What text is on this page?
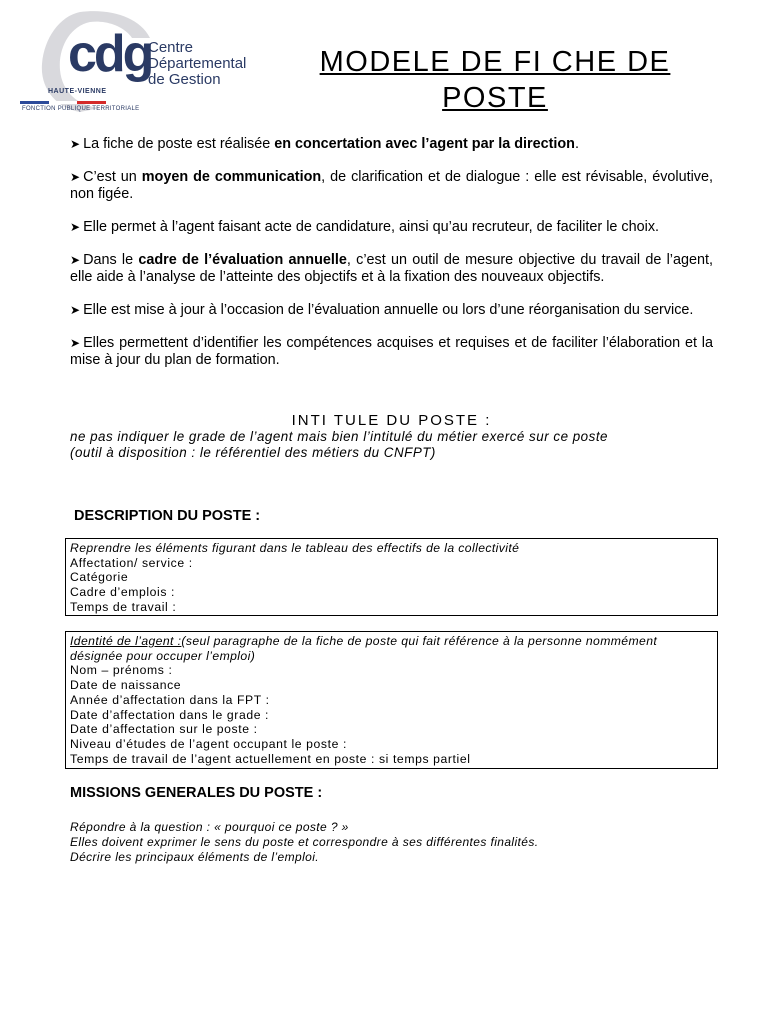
cdg
Centre
Départemental
de Gestion
HAUTE-VIENNE
FONCTION PUBLIQUE TERRITORIALE
MODELE DE FI CHE DE
POSTE

➤ La fiche de poste est réalisée en concertation avec l’agent par la direction.

➤ C’est un moyen de communication, de clarification et de dialogue : elle est révisable, évolutive, non figée.

➤ Elle permet à l’agent faisant acte de candidature, ainsi qu’au recruteur, de faciliter le choix.

➤ Dans le cadre de l’évaluation annuelle, c’est un outil de mesure objective du travail de l’agent, elle aide à l’analyse de l’atteinte des objectifs et à la fixation des nouveaux objectifs.

➤ Elle est mise à jour à l’occasion de l’évaluation annuelle ou lors d’une réorganisation du service.

➤ Elles permettent d’identifier les compétences acquises et requises et de faciliter l’élaboration et la mise à jour du plan de formation.

INTI TULE DU POSTE :
ne pas indiquer le grade de l’agent mais bien l’intitulé du métier exercé sur ce poste
(outil à disposition : le référentiel des métiers du CNFPT)
DESCRIPTION DU POSTE :
Reprendre les éléments figurant dans le tableau des effectifs de la collectivité
Affectation/ service :
Catégorie
Cadre d’emplois :
Temps de travail :
Identité de l’agent :(seul paragraphe de la fiche de poste qui fait référence à la personne nommément désignée pour occuper l’emploi)
Nom – prénoms :
Date de naissance
Année d’affectation dans la FPT :
Date d’affectation dans le grade :
Date d’affectation sur le poste :
Niveau d’études de l’agent occupant le poste :
Temps de travail de l’agent actuellement en poste : si temps partiel
MISSIONS GENERALES DU POSTE :
Répondre à la question : « pourquoi ce poste ? »
Elles doivent exprimer le sens du poste et correspondre à ses différentes finalités.
Décrire les principaux éléments de l’emploi.
